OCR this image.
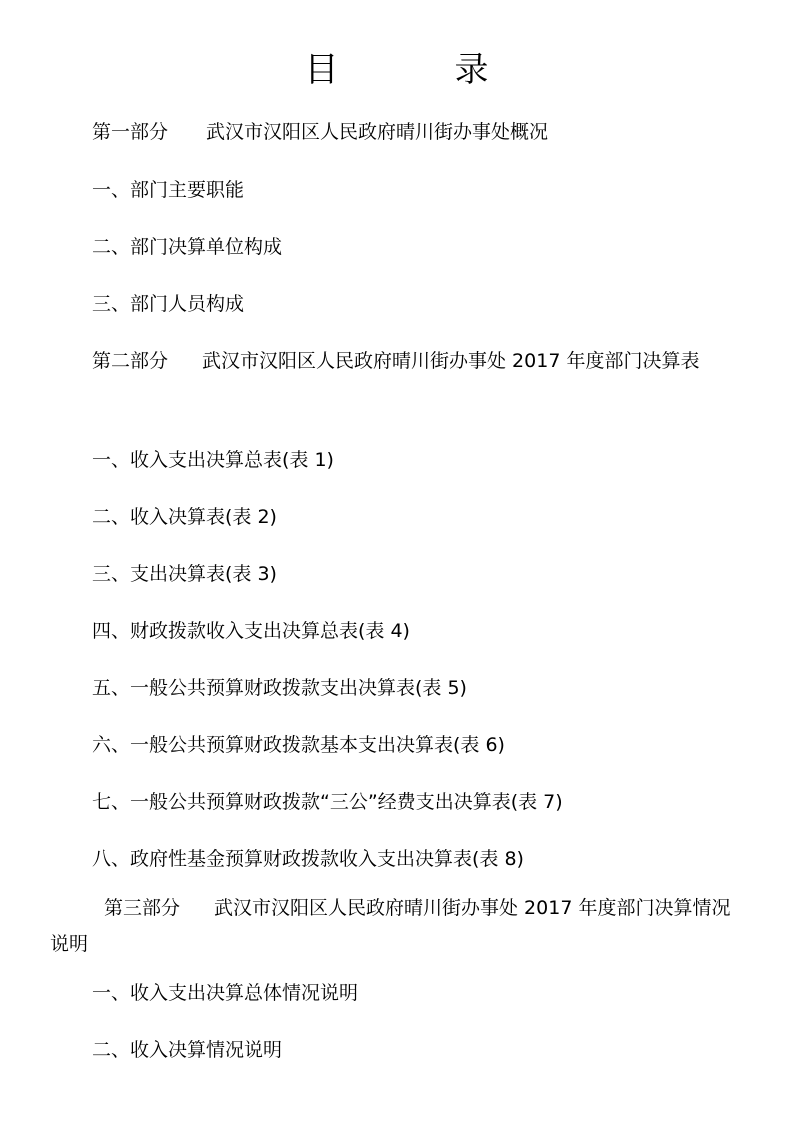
目	录
第一部分 武汉市汉阳区人民政府晴川街办事处概况
一、部门主要职能
二、部门决算单位构成
三、部门人员构成
第二部分 武汉市汉阳区人民政府晴川街办事处 2017 年度部门决算表
一、收入支出决算总表(表 1)
二、收入决算表(表 2)
三、支出决算表(表 3)
四、财政拨款收入支出决算总表(表 4)
五、一般公共预算财政拨款支出决算表(表 5)
六、一般公共预算财政拨款基本支出决算表(表 6)
七、一般公共预算财政拨款“三公”经费支出决算表(表 7)
八、政府性基金预算财政拨款收入支出决算表(表 8)
第三部分 武汉市汉阳区人民政府晴川街办事处 2017 年度部门决算情况说明
一、收入支出决算总体情况说明
二、收入决算情况说明
